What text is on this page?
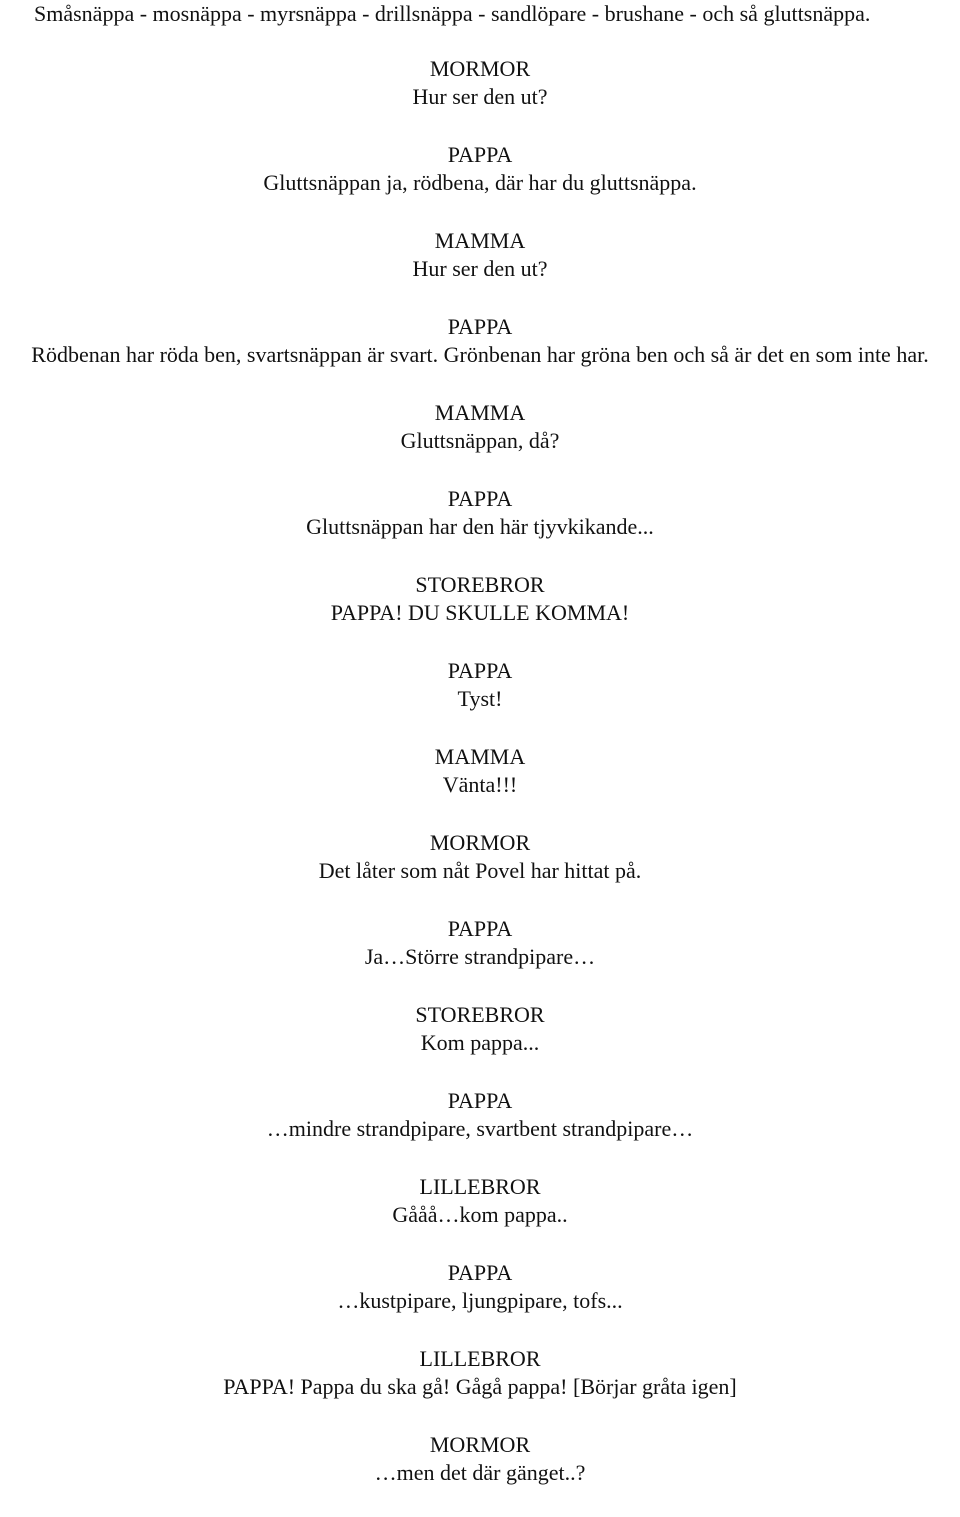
Småsnäppa - mosnäppa - myrsnäppa - drillsnäppa - sandlöpare - brushane - och så gluttsnäppa.
MORMOR
Hur ser den ut?
PAPPA
Gluttsnäppan ja, rödbena, där har du gluttsnäppa.
MAMMA
Hur ser den ut?
PAPPA
Rödbenan har röda ben, svartsnäppan är svart. Grönbenan har gröna ben och så är det en som inte har.
MAMMA
Gluttsnäppan, då?
PAPPA
Gluttsnäppan har den här tjyvkikande...
STOREBROR
PAPPA! DU SKULLE KOMMA!
PAPPA
Tyst!
MAMMA
Vänta!!!
MORMOR
Det låter som nåt Povel har hittat på.
PAPPA
Ja…Större strandpipare…
STOREBROR
Kom pappa...
PAPPA
…mindre strandpipare, svartbent strandpipare…
LILLEBROR
Gååå…kom pappa..
PAPPA
…kustpipare, ljungpipare, tofs...
LILLEBROR
PAPPA! Pappa du ska gå! Gågå pappa! [Börjar gråta igen]
MORMOR
…men det där gänget..?
